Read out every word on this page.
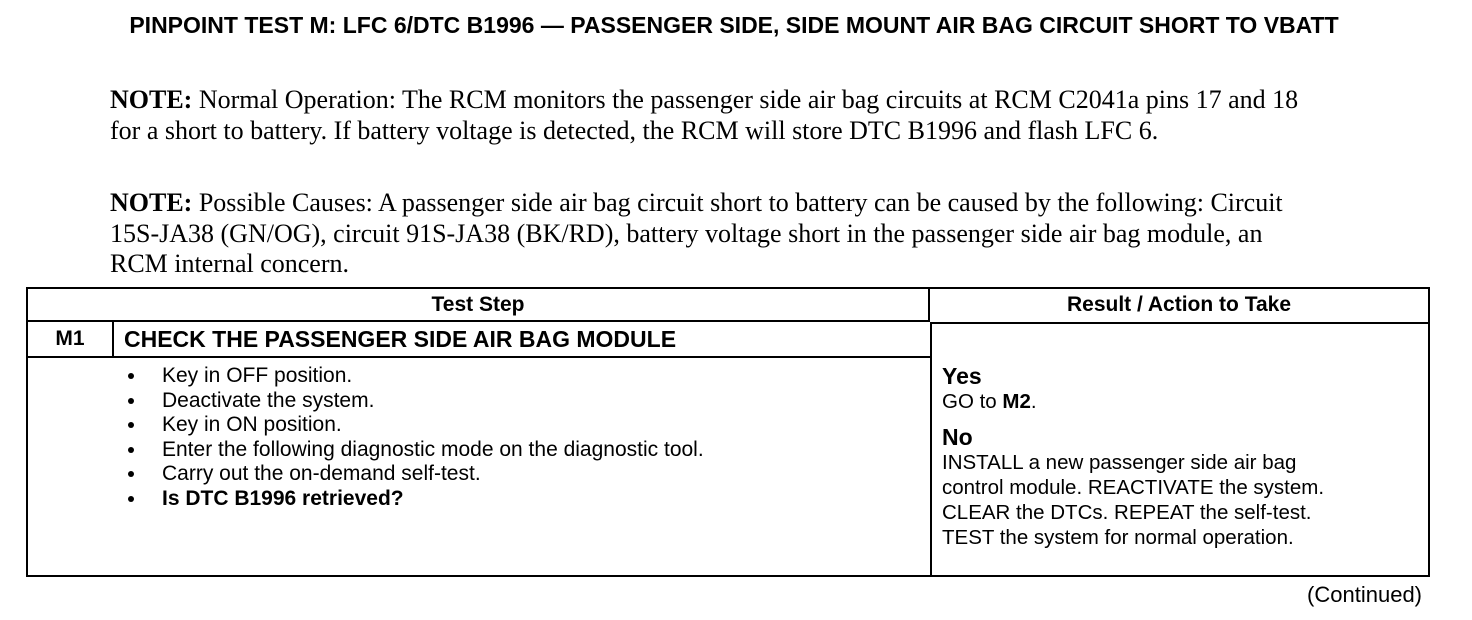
PINPOINT TEST M: LFC 6/DTC B1996 — PASSENGER SIDE, SIDE MOUNT AIR BAG CIRCUIT SHORT TO VBATT
NOTE: Normal Operation: The RCM monitors the passenger side air bag circuits at RCM C2041a pins 17 and 18 for a short to battery. If battery voltage is detected, the RCM will store DTC B1996 and flash LFC 6.
NOTE: Possible Causes: A passenger side air bag circuit short to battery can be caused by the following: Circuit 15S-JA38 (GN/OG), circuit 91S-JA38 (BK/RD), battery voltage short in the passenger side air bag module, an RCM internal concern.
Test Step	Result / Action to Take
M1	CHECK THE PASSENGER SIDE AIR BAG MODULE
Key in OFF position.
Deactivate the system.
Key in ON position.
Enter the following diagnostic mode on the diagnostic tool.
Carry out the on-demand self-test.
Is DTC B1996 retrieved?
Yes
GO to M2.
No
INSTALL a new passenger side air bag
control module. REACTIVATE the system.
CLEAR the DTCs. REPEAT the self-test.
TEST the system for normal operation.
(Continued)
